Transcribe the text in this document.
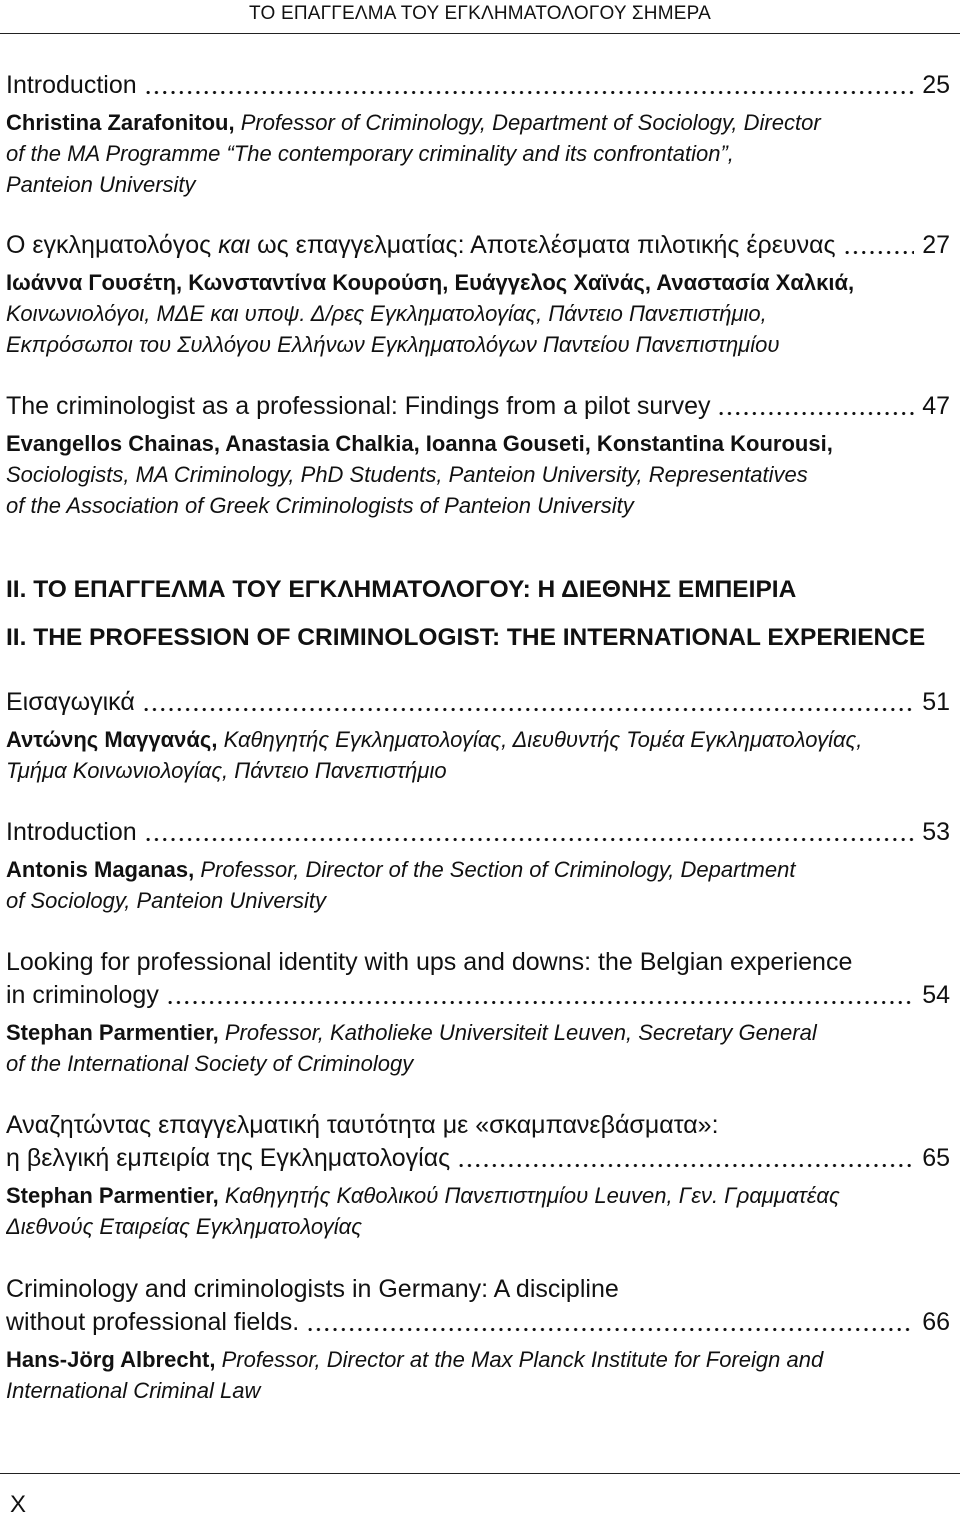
ΤΟ ΕΠΑΓΓΕΛΜΑ ΤΟΥ ΕΓΚΛΗΜΑΤΟΛΟΓΟΥ ΣΗΜΕΡΑ
Introduction	25
Christina Zarafonitou, Professor of Criminology, Department of Sociology, Director
of the MA Programme “The contemporary criminality and its confrontation”,
Panteion University
Ο εγκληματολόγος και ως επαγγελματίας: Αποτελέσματα πιλοτικής έρευνας	27
Ιωάννα Γουσέτη, Κωνσταντίνα Κουρούση, Ευάγγελος Χαϊνάς, Αναστασία Χαλκιά,
Κοινωνιολόγοι, ΜΔΕ και υποψ. Δ/ρες Εγκληματολογίας, Πάντειο Πανεπιστήμιο,
Εκπρόσωποι του Συλλόγου Ελλήνων Εγκληματολόγων Παντείου Πανεπιστημίου
The criminologist as a professional: Findings from a pilot survey	47
Evangellos Chainas, Anastasia Chalkia, Ioanna Gouseti, Konstantina Kourousi,
Sociologists, MA Criminology, PhD Students, Panteion University, Representatives
of the Association of Greek Criminologists of Panteion University
II. ΤΟ ΕΠΑΓΓΕΛΜΑ ΤΟΥ ΕΓΚΛΗΜΑΤΟΛΟΓΟΥ: Η ΔΙΕΘΝΗΣ ΕΜΠΕΙΡΙΑ
II. THE PROFESSION OF CRIMINOLOGIST: THE INTERNATIONAL EXPERIENCE
Εισαγωγικά	51
Αντώνης Μαγγανάς, Καθηγητής Εγκληματολογίας, Διευθυντής Τομέα Εγκληματολογίας,
Τμήμα Κοινωνιολογίας, Πάντειο Πανεπιστήμιο
Introduction	53
Antonis Maganas, Professor, Director of the Section of Criminology, Department
of Sociology, Panteion University
Looking for professional identity with ups and downs: the Belgian experience
in criminology	54
Stephan Parmentier, Professor, Katholieke Universiteit Leuven, Secretary General
of the International Society of Criminology
Αναζητώντας επαγγελματική ταυτότητα με «σκαμπανεβάσματα»:
η βελγική εμπειρία της Εγκληματολογίας	65
Stephan Parmentier, Καθηγητής Καθολικού Πανεπιστημίου Leuven, Γεν. Γραμματέας
Διεθνούς Εταιρείας Εγκληματολογίας
Criminology and criminologists in Germany: A discipline
without professional fields.	66
Hans-Jörg Albrecht, Professor, Director at the Max Planck Institute for Foreign and
International Criminal Law
X
